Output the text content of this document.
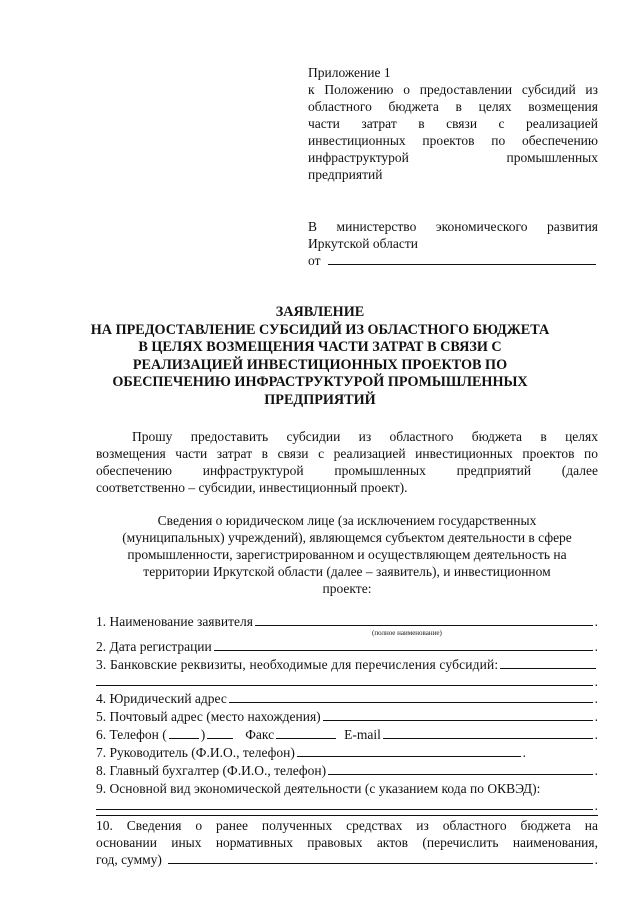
Приложение 1
к Положению о предоставлении субсидий из
областного бюджета в целях возмещения
части затрат в связи с реализацией
инвестиционных проектов по обеспечению
инфраструктурой промышленных
предприятий
В министерство экономического развития
Иркутской области
от
ЗАЯВЛЕНИЕ
НА ПРЕДОСТАВЛЕНИЕ СУБСИДИЙ ИЗ ОБЛАСТНОГО БЮДЖЕТА
В ЦЕЛЯХ ВОЗМЕЩЕНИЯ ЧАСТИ ЗАТРАТ В СВЯЗИ С
РЕАЛИЗАЦИЕЙ ИНВЕСТИЦИОННЫХ ПРОЕКТОВ ПО
ОБЕСПЕЧЕНИЮ ИНФРАСТРУКТУРОЙ ПРОМЫШЛЕННЫХ
ПРЕДПРИЯТИЙ
Прошу предоставить субсидии из областного бюджета в целях
возмещения части затрат в связи с реализацией инвестиционных проектов по
обеспечению инфраструктурой промышленных предприятий (далее
соответственно – субсидии, инвестиционный проект).
Сведения о юридическом лице (за исключением государственных
(муниципальных) учреждений), являющемся субъектом деятельности в сфере
промышленности, зарегистрированном и осуществляющем деятельность на
территории Иркутской области (далее – заявитель), и инвестиционном
проекте:
1. Наименование заявителя	.
(полное наименование)
2. Дата регистрации	.
3. Банковские реквизиты, необходимые для перечисления субсидий:
.
4. Юридический адрес	.
5. Почтовый адрес (место нахождения)	.
6. Телефон (	)	Факс	E-mail	.
7. Руководитель (Ф.И.О., телефон)	.
8. Главный бухгалтер (Ф.И.О., телефон)	.
9. Основной вид экономической деятельности (с указанием кода по ОКВЭД):
.
10. Сведения о ранее полученных средствах из областного бюджета на
основании иных нормативных правовых актов (перечислить наименования,
год, сумму)	.
